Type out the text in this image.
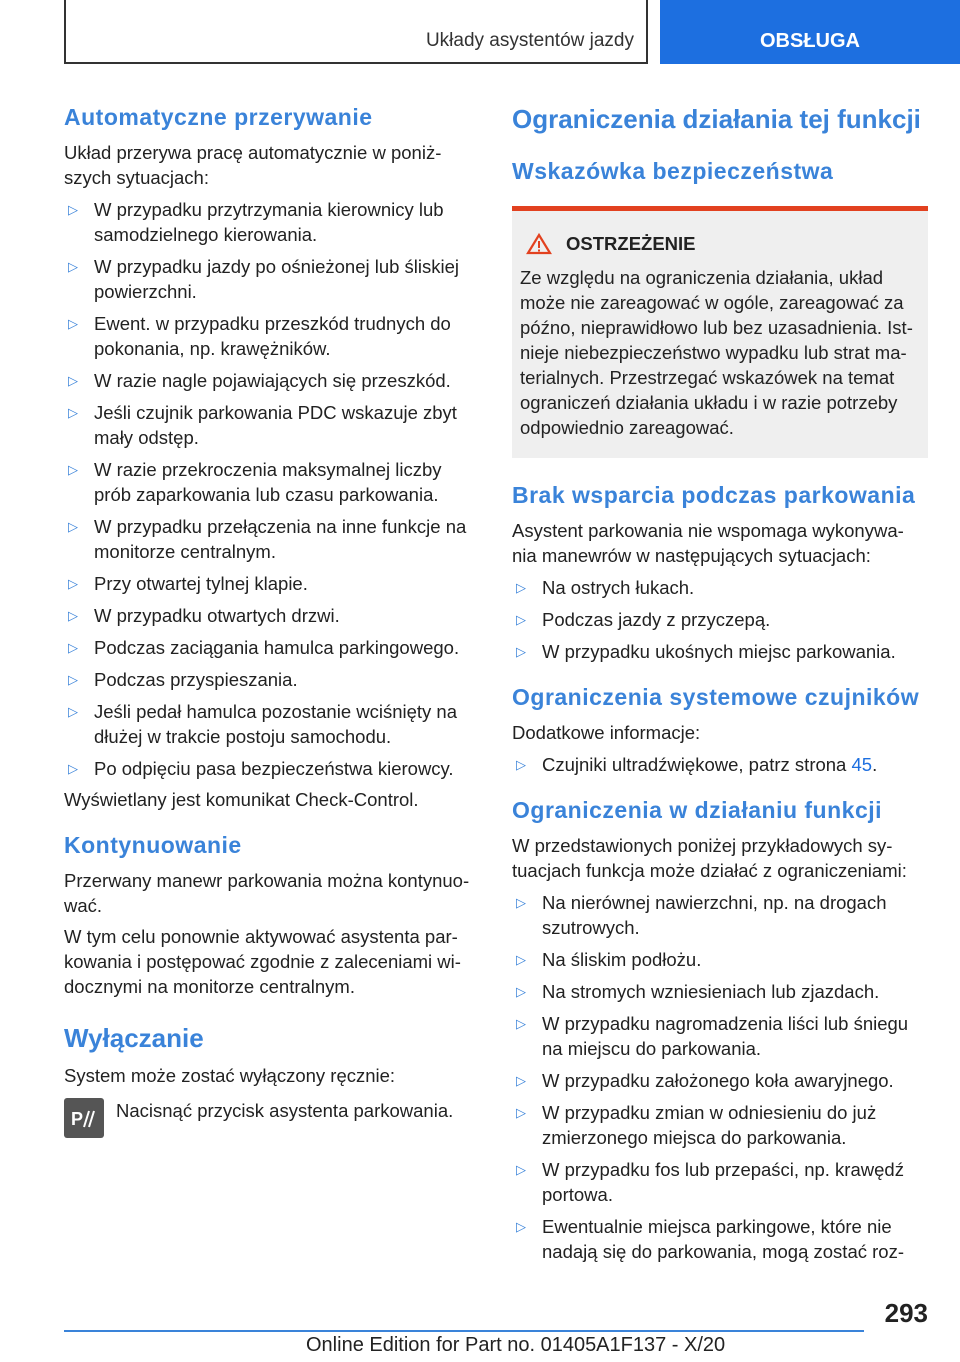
Układy asystentów jazdy	OBSŁUGA
Automatyczne przerywanie

Układ przerywa pracę automatycznie w poniż-szych sytuacjach:

▷ W przypadku przytrzymania kierownicy lub samodzielnego kierowania.
▷ W przypadku jazdy po ośnieżonej lub śliskiej powierzchni.
▷ Ewent. w przypadku przeszkód trudnych do pokonania, np. krawężników.
▷ W razie nagle pojawiających się przeszkód.
▷ Jeśli czujnik parkowania PDC wskazuje zbyt mały odstęp.
▷ W razie przekroczenia maksymalnej liczby prób zaparkowania lub czasu parkowania.
▷ W przypadku przełączenia na inne funkcje na monitorze centralnym.
▷ Przy otwartej tylnej klapie.
▷ W przypadku otwartych drzwi.
▷ Podczas zaciągania hamulca parkingowego.
▷ Podczas przyspieszania.
▷ Jeśli pedał hamulca pozostanie wciśnięty na dłużej w trakcie postoju samochodu.
▷ Po odpięciu pasa bezpieczeństwa kierowcy.

Wyświetlany jest komunikat Check-Control.

Kontynuowanie

Przerwany manewr parkowania można kontynuo-wać.

W tym celu ponownie aktywować asystenta par-kowania i postępować zgodnie z zaleceniami wi-docznymi na monitorze centralnym.

Wyłączanie

System może zostać wyłączony ręcznie:

P Nacisnąć przycisk asystenta parkowania.

Ograniczenia działania tej funkcji
Wskazówka bezpieczeństwa
OSTRZEŻENIE
Ze względu na ograniczenia działania, układ może nie zareagować w ogóle, zareagować za późno, nieprawidłowo lub bez uzasadnienia. Ist-nieje niebezpieczeństwo wypadku lub strat ma-terialnych. Przestrzegać wskazówek na temat ograniczeń działania układu i w razie potrzeby odpowiednio zareagować.
Brak wsparcia podczas parkowania

Asystent parkowania nie wspomaga wykonywa-nia manewrów w następujących sytuacjach:

▷ Na ostrych łukach.
▷ Podczas jazdy z przyczepą.
▷ W przypadku ukośnych miejsc parkowania.
Ograniczenia systemowe czujników

Dodatkowe informacje:

▷ Czujniki ultradźwiękowe, patrz strona 45.
Ograniczenia w działaniu funkcji

W przedstawionych poniżej przykładowych sy-tuacjach funkcja może działać z ograniczeniami:

▷ Na nierównej nawierzchni, np. na drogach szutrowych.
▷ Na śliskim podłożu.
▷ Na stromych wzniesieniach lub zjazdach.
▷ W przypadku nagromadzenia liści lub śniegu na miejscu do parkowania.
▷ W przypadku założonego koła awaryjnego.
▷ W przypadku zmian w odniesieniu do już zmierzonego miejsca do parkowania.
▷ W przypadku fos lub przepaści, np. krawędź portowa.
▷ Ewentualnie miejsca parkingowe, które nie nadają się do parkowania, mogą zostać roz-
293
Online Edition for Part no. 01405A1F137 - X/20
